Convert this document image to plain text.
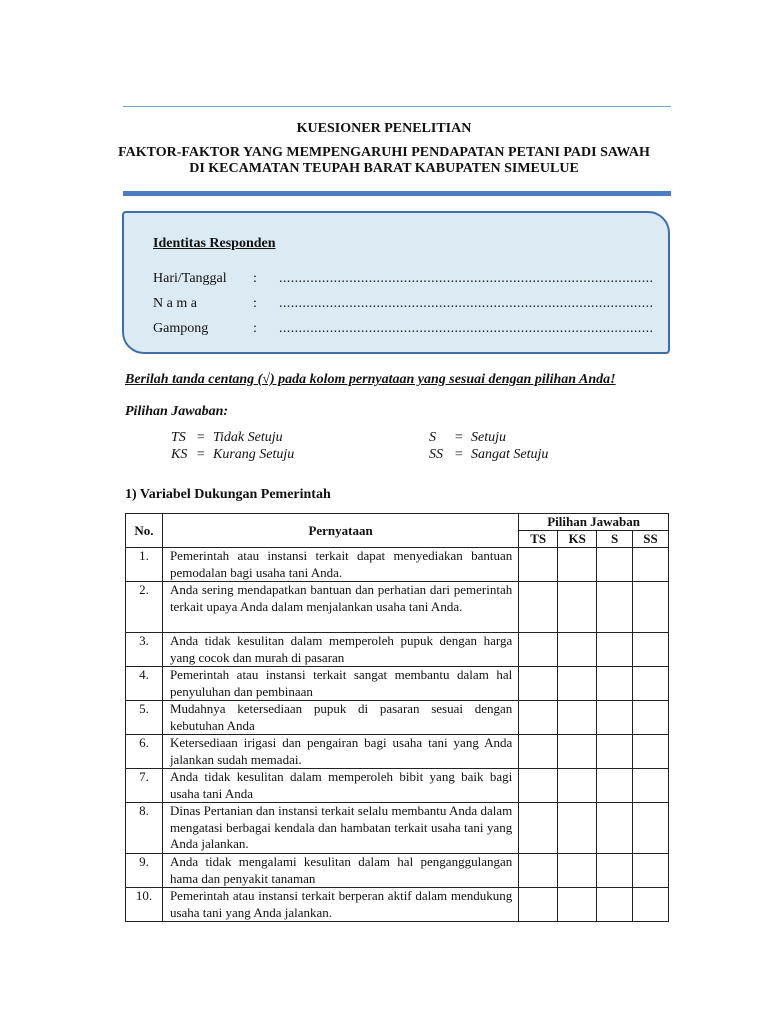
KUESIONER PENELITIAN
FAKTOR-FAKTOR YANG MEMPENGARUHI PENDAPATAN PETANI PADI SAWAH
DI KECAMATAN TEUPAH BARAT KABUPATEN SIMEULUE
Identitas Responden
Hari/Tanggal : ................................................................................................
N a m a	: ................................................................................................
Gampong	: ................................................................................................
Berilah tanda centang (√) pada kolom pernyataan yang sesuai dengan pilihan Anda!
Pilihan Jawaban:
TS = Tidak Setuju
KS = Kurang Setuju
S = Setuju
SS = Sangat Setuju
1) Variabel Dukungan Pemerintah
No.	Pernyataan	Pilihan Jawaban			
		TS	KS	S	SS
1.	Pemerintah atau instansi terkait dapat menyediakan bantuan pemodalan bagi usaha tani Anda.				
2.	Anda sering mendapatkan bantuan dan perhatian dari pemerintah terkait upaya Anda dalam menjalankan usaha tani Anda.				
3.	Anda tidak kesulitan dalam memperoleh pupuk dengan harga yang cocok dan murah di pasaran				
4.	Pemerintah atau instansi terkait sangat membantu dalam hal penyuluhan dan pembinaan				
5.	Mudahnya ketersediaan pupuk di pasaran sesuai dengan kebutuhan Anda				
6.	Ketersediaan irigasi dan pengairan bagi usaha tani yang Anda jalankan sudah memadai.				
7.	Anda tidak kesulitan dalam memperoleh bibit yang baik bagi usaha tani Anda				
8.	Dinas Pertanian dan instansi terkait selalu membantu Anda dalam mengatasi berbagai kendala dan hambatan terkait usaha tani yang Anda jalankan.				
9.	Anda tidak mengalami kesulitan dalam hal penganggulangan hama dan penyakit tanaman				
10.	Pemerintah atau instansi terkait berperan aktif dalam mendukung usaha tani yang Anda jalankan.				
